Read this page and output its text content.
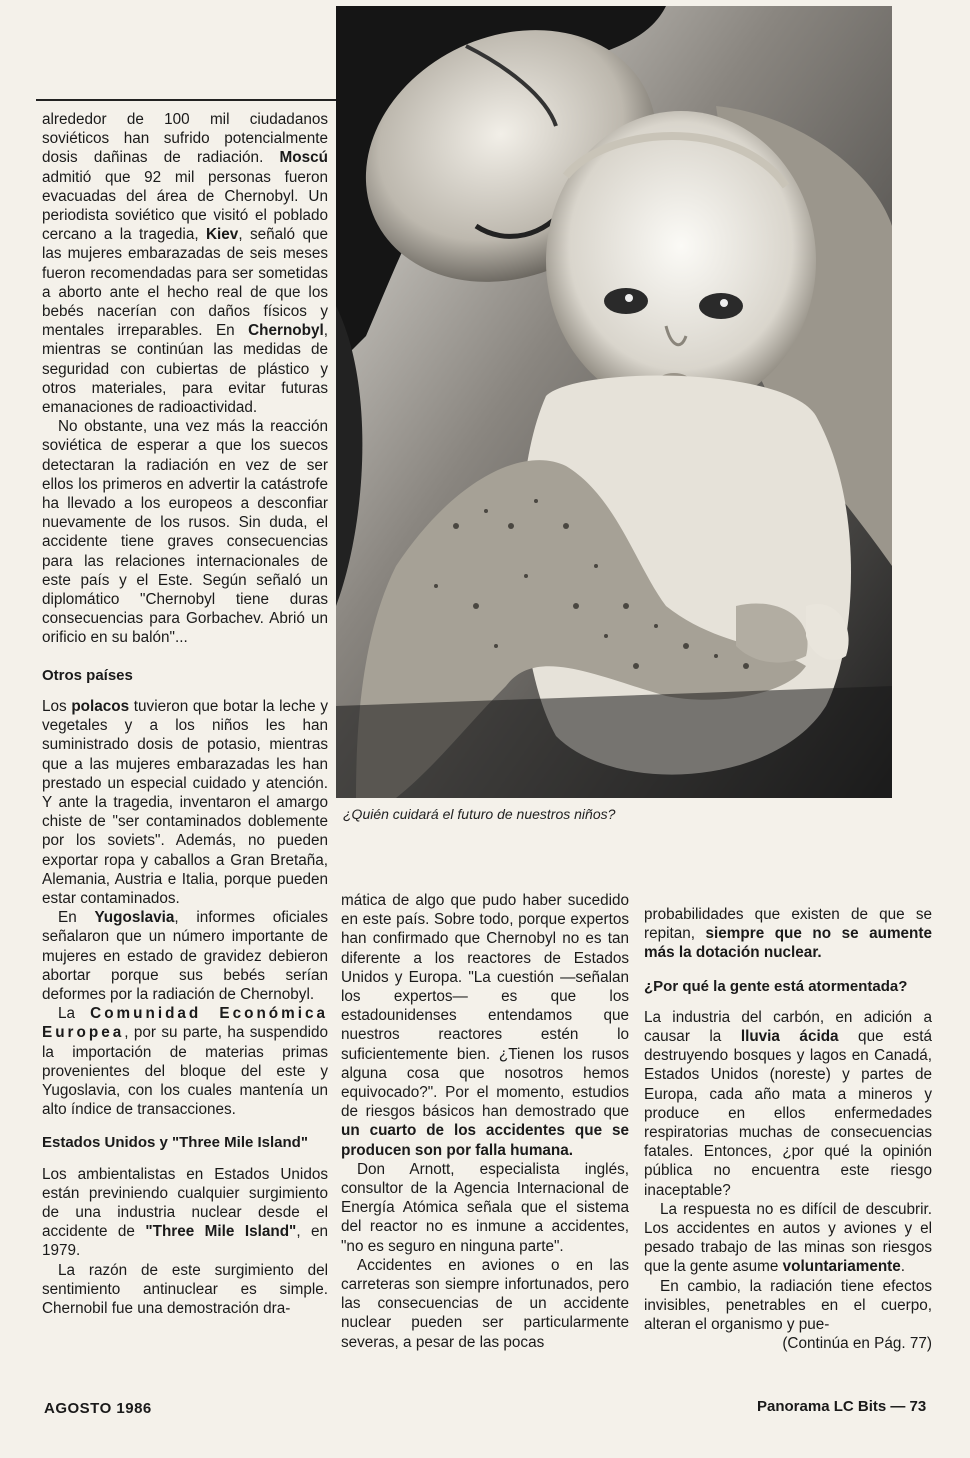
alrededor de 100 mil ciudadanos soviéticos han sufrido potencialmente dosis dañinas de radiación. Moscú admitió que 92 mil personas fueron evacuadas del área de Chernobyl. Un periodista soviético que visitó el poblado cercano a la tragedia, Kiev, señaló que las mujeres embarazadas de seis meses fueron recomendadas para ser sometidas a aborto ante el hecho real de que los bebés nacerían con daños físicos y mentales irreparables. En Chernobyl, mientras se continúan las medidas de seguridad con cubiertas de plástico y otros materiales, para evitar futuras emanaciones de radioactividad.

No obstante, una vez más la reacción soviética de esperar a que los suecos detectaran la radiación en vez de ser ellos los primeros en advertir la catástrofe ha llevado a los europeos a desconfiar nuevamente de los rusos. Sin duda, el accidente tiene graves consecuencias para las relaciones internacionales de este país y el Este. Según señaló un diplomático "Chernobyl tiene duras consecuencias para Gorbachev. Abrió un orificio en su balón"...

Otros países

Los polacos tuvieron que botar la leche y vegetales y a los niños les han suministrado dosis de potasio, mientras que a las mujeres embarazadas les han prestado un especial cuidado y atención. Y ante la tragedia, inventaron el amargo chiste de "ser contaminados doblemente por los soviets". Además, no pueden exportar ropa y caballos a Gran Bretaña, Alemania, Austria e Italia, porque pueden estar contaminados.

En Yugoslavia, informes oficiales señalaron que un número importante de mujeres en estado de gravidez debieron abortar porque sus bebés serían deformes por la radiación de Chernobyl.

La Comunidad Económica Europea, por su parte, ha suspendido la importación de materias primas provenientes del bloque del este y Yugoslavia, con los cuales mantenía un alto índice de transacciones.

Estados Unidos y "Three Mile Island"

Los ambientalistas en Estados Unidos están previniendo cualquier surgimiento de una industria nuclear desde el accidente de "Three Mile Island", en 1979.

La razón de este surgimiento del sentimiento antinuclear es simple. Chernobil fue una demostración dra-

¿Quién cuidará el futuro de nuestros niños?

mática de algo que pudo haber sucedido en este país. Sobre todo, porque expertos han confirmado que Chernobyl no es tan diferente a los reactores de Estados Unidos y Europa. "La cuestión —señalan los expertos— es que los estadounidenses entendamos que nuestros reactores estén lo suficientemente bien. ¿Tienen los rusos alguna cosa que nosotros hemos equivocado?". Por el momento, estudios de riesgos básicos han demostrado que un cuarto de los accidentes que se producen son por falla humana.

Don Arnott, especialista inglés, consultor de la Agencia Internacional de Energía Atómica señala que el sistema del reactor no es inmune a accidentes, "no es seguro en ninguna parte".

Accidentes en aviones o en las carreteras son siempre infortunados, pero las consecuencias de un accidente nuclear pueden ser particularmente severas, a pesar de las pocas

probabilidades que existen de que se repitan, siempre que no se aumente más la dotación nuclear.

¿Por qué la gente está atormentada?

La industria del carbón, en adición a causar la lluvia ácida que está destruyendo bosques y lagos en Canadá, Estados Unidos (noreste) y partes de Europa, cada año mata a mineros y produce en ellos enfermedades respiratorias muchas de consecuencias fatales. Entonces, ¿por qué la opinión pública no encuentra este riesgo inaceptable?

La respuesta no es difícil de descubrir. Los accidentes en autos y aviones y el pesado trabajo de las minas son riesgos que la gente asume voluntariamente.

En cambio, la radiación tiene efectos invisibles, penetrables en el cuerpo, alteran el organismo y pue-

(Continúa en Pág. 77)

AGOSTO 1986	Panorama LC Bits — 73
